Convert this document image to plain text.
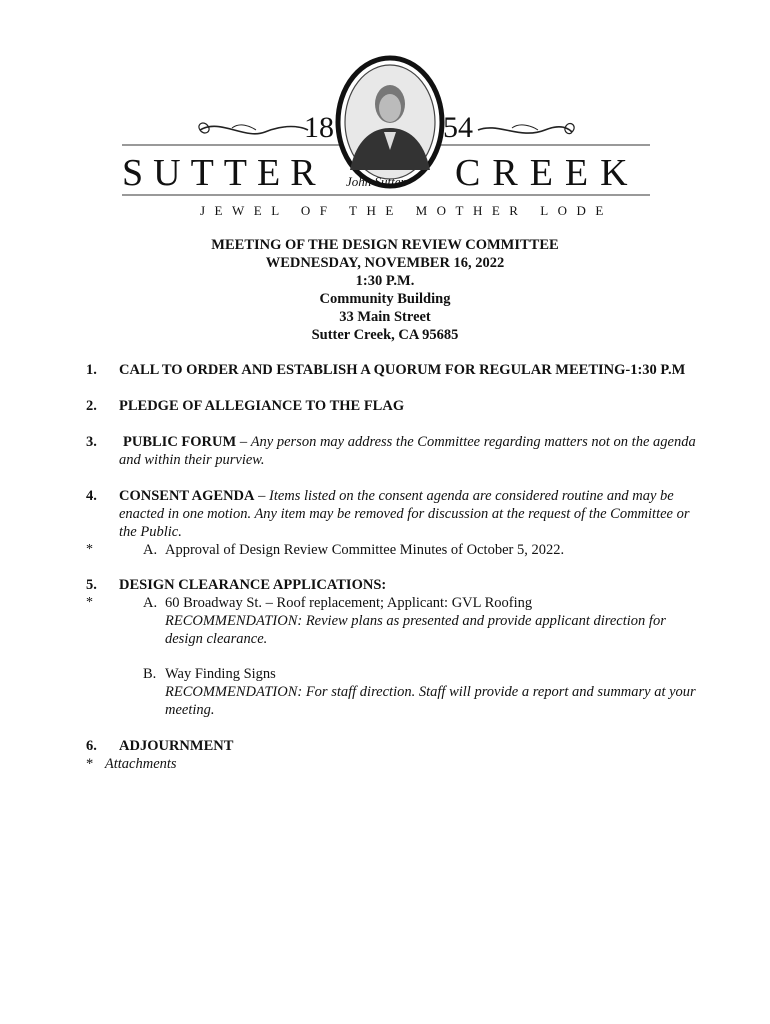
18	54
SUTTER	CREEK
John Sutter
JEWEL OF THE MOTHER LODE
MEETING OF THE DESIGN REVIEW COMMITTEE
WEDNESDAY, NOVEMBER 16, 2022
1:30 P.M.
Community Building
33 Main Street
Sutter Creek, CA 95685
1. CALL TO ORDER AND ESTABLISH A QUORUM FOR REGULAR MEETING-1:30 P.M
2. PLEDGE OF ALLEGIANCE TO THE FLAG
3. PUBLIC FORUM – Any person may address the Committee regarding matters not on the agenda
and within their purview.
4. CONSENT AGENDA – Items listed on the consent agenda are considered routine and may be
enacted in one motion. Any item may be removed for discussion at the request of the Committee or
the Public.
*	A. Approval of Design Review Committee Minutes of October 5, 2022.
5. DESIGN CLEARANCE APPLICATIONS:
*	A. 60 Broadway St. – Roof replacement; Applicant: GVL Roofing
RECOMMENDATION: Review plans as presented and provide applicant direction for
design clearance.
B. Way Finding Signs
RECOMMENDATION: For staff direction. Staff will provide a report and summary at your
meeting.
6. ADJOURNMENT
* Attachments
